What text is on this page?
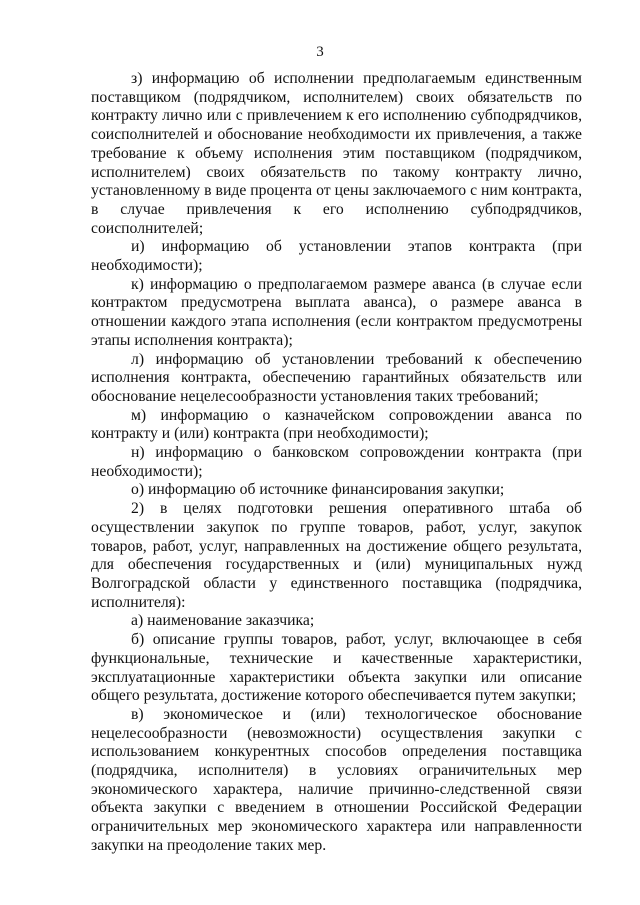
3

з) информацию об исполнении предполагаемым единственным поставщиком (подрядчиком, исполнителем) своих обязательств по контракту лично или с привлечением к его исполнению субподрядчиков, соисполнителей и обоснование необходимости их привлечения, а также требование к объему исполнения этим поставщиком (подрядчиком, исполнителем) своих обязательств по такому контракту лично, установленному в виде процента от цены заключаемого с ним контракта, в случае привлечения к его исполнению субподрядчиков, соисполнителей;

и) информацию об установлении этапов контракта (при необходимости);

к) информацию о предполагаемом размере аванса (в случае если контрактом предусмотрена выплата аванса), о размере аванса в отношении каждого этапа исполнения (если контрактом предусмотрены этапы исполнения контракта);

л) информацию об установлении требований к обеспечению исполнения контракта, обеспечению гарантийных обязательств или обоснование нецелесообразности установления таких требований;

м) информацию о казначейском сопровождении аванса по контракту и (или) контракта (при необходимости);

н) информацию о банковском сопровождении контракта (при необходимости);

о) информацию об источнике финансирования закупки;

2) в целях подготовки решения оперативного штаба об осуществлении закупок по группе товаров, работ, услуг, закупок товаров, работ, услуг, направленных на достижение общего результата, для обеспечения государственных и (или) муниципальных нужд Волгоградской области у единственного поставщика (подрядчика, исполнителя):

а) наименование заказчика;

б) описание группы товаров, работ, услуг, включающее в себя функциональные, технические и качественные характеристики, эксплуатационные характеристики объекта закупки или описание общего результата, достижение которого обеспечивается путем закупки;

в) экономическое и (или) технологическое обоснование нецелесообразности (невозможности) осуществления закупки с использованием конкурентных способов определения поставщика (подрядчика, исполнителя) в условиях ограничительных мер экономического характера, наличие причинно-следственной связи объекта закупки с введением в отношении Российской Федерации ограничительных мер экономического характера или направленности закупки на преодоление таких мер.
